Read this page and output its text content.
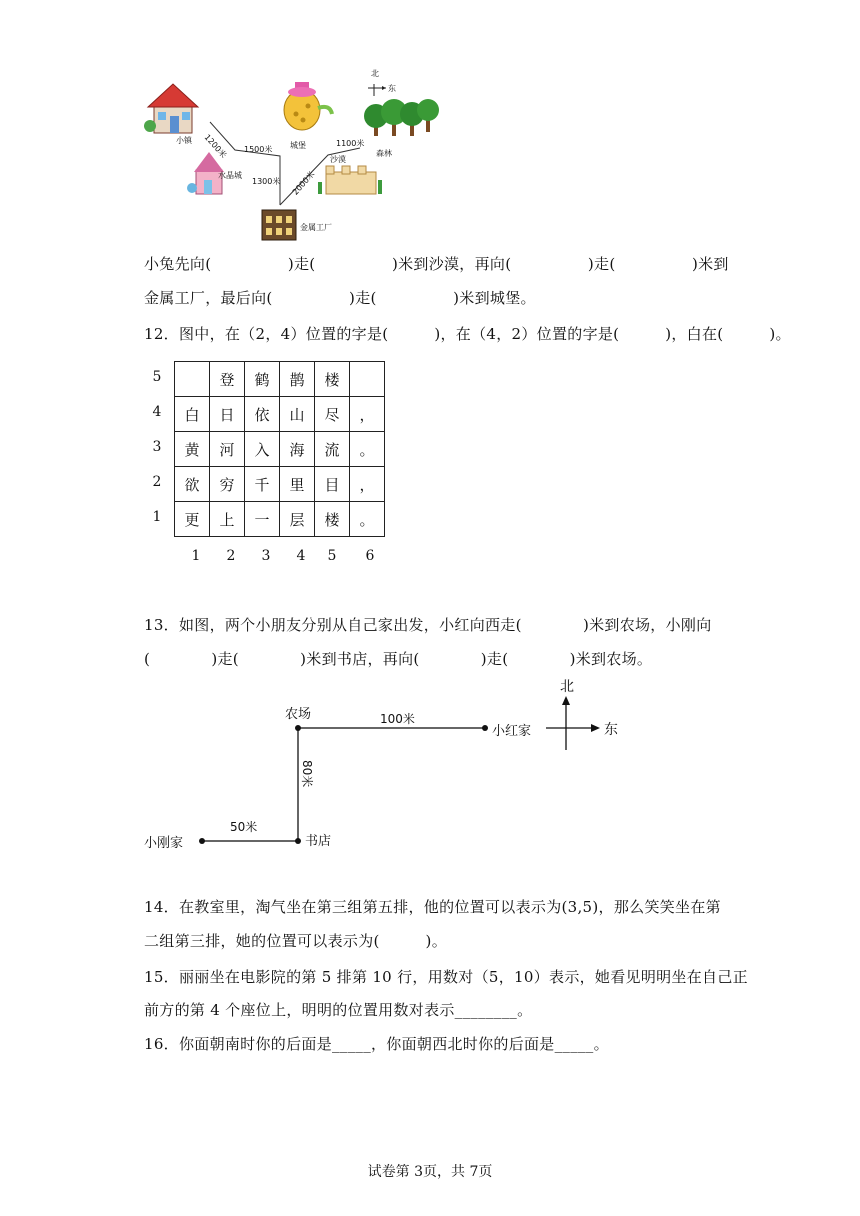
小镇
水晶城
城堡
沙漠
森林
金属工厂
北
东
1200米 1500米
1300米 2000米
1100米
小兔先向(　　　　　)走(　　　　　)米到沙漠，再向(　　　　　)走(　　　　　)米到
金属工厂，最后向(　　　　　)走(　　　　　)米到城堡。
12．图中，在（2，4）位置的字是(　　　)，在（4，2）位置的字是(　　　)，白在(　　　)。
5
4
3
2
1
	登	鹤	鹊	楼	
白	日	依	山	尽	，
黄	河	入	海	流	。
欲	穷	千	里	目	，
更	上	一	层	楼	。
1	2	3	4	5	6
13．如图，两个小朋友分别从自己家出发，小红向西走(　　　　)米到农场，小刚向
(　　　　)走(　　　　)米到书店，再向(　　　　)走(　　　　)米到农场。
农场	100米
小红家
80米
50米
小刚家	书店
北
东
14．在教室里，淘气坐在第三组第五排，他的位置可以表示为(3,5)，那么笑笑坐在第
二组第三排，她的位置可以表示为(　　　)。
15．丽丽坐在电影院的第 5 排第 10 行，用数对（5，10）表示，她看见明明坐在自己正
前方的第 4 个座位上，明明的位置用数对表示________。
16．你面朝南时你的后面是_____，你面朝西北时你的后面是_____。
试卷第 3页，共 7页
